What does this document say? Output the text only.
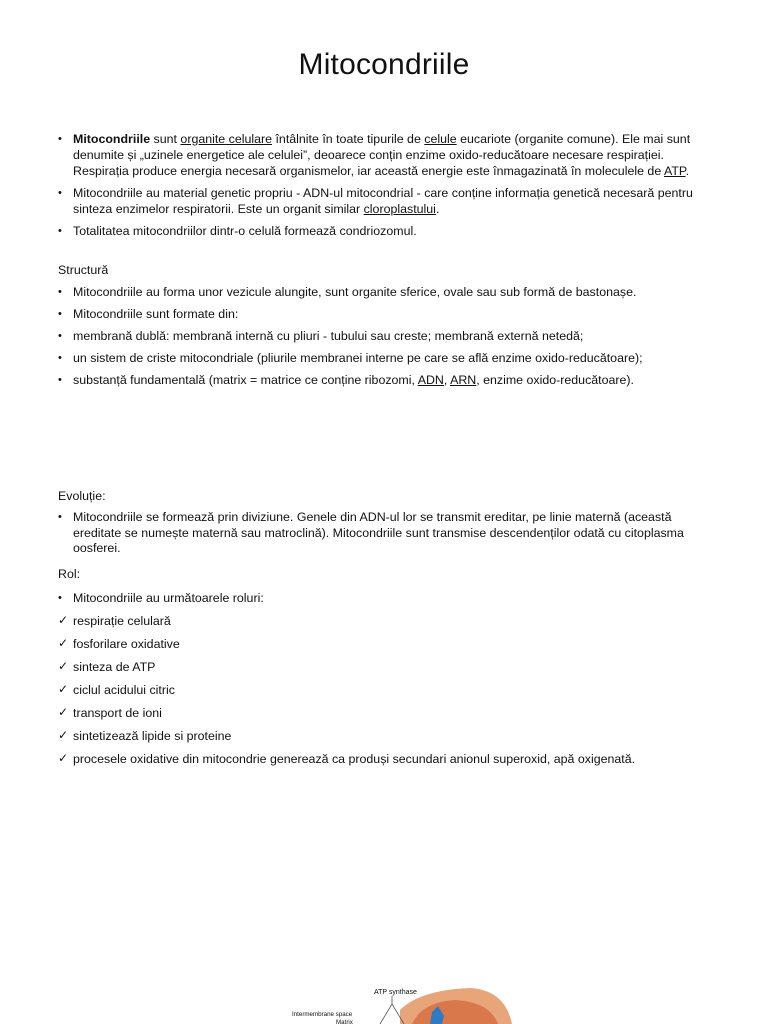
Mitocondriile

• Mitocondriile sunt organite celulare întâlnite în toate tipurile de celule eucariote (organite comune). Ele mai sunt denumite și „uzinele energetice ale celulei”, deoarece conțin enzime oxido-reducătoare necesare respirației. Respirația produce energia necesară organismelor, iar această energie este înmagazinată în moleculele de ATP.

• Mitocondriile au material genetic propriu - ADN-ul mitocondrial - care conține informația genetică necesară pentru sinteza enzimelor respiratorii. Este un organit similar cloroplastului.

• Totalitatea mitocondriilor dintr-o celulă formează condriozomul.

Structură

• Mitocondriile au forma unor vezicule alungite, sunt organite sferice, ovale sau sub formă de bastonașe.

• Mitocondriile sunt formate din:

• membrană dublă: membrană internă cu pliuri - tubului sau creste; membrană externă netedă;

• un sistem de criste mitocondriale (pliurile membranei interne pe care se află enzime oxido-reducătoare);

• substanță fundamentală (matrix = matrice ce conține ribozomi, ADN, ARN, enzime oxido-reducătoare).

Evoluție:

• Mitocondriile se formează prin diviziune. Genele din ADN-ul lor se transmit ereditar, pe linie maternă (această ereditate se numește maternă sau matroclină). Mitocondriile sunt transmise descendenților odată cu citoplasma oosferei.

Rol:

• Mitocondriile au următoarele roluri:

✓ respirație celulară

✓ fosforilare oxidative

✓ sinteza de ATP

✓ ciclul acidului citric

✓ transport de ioni

✓ sintetizează lipide si proteine

✓ procesele oxidative din mitocondrie generează ca produși secundari anionul superoxid, apă oxigenată.

ATP synthase
Intermembrane space
Matrix
